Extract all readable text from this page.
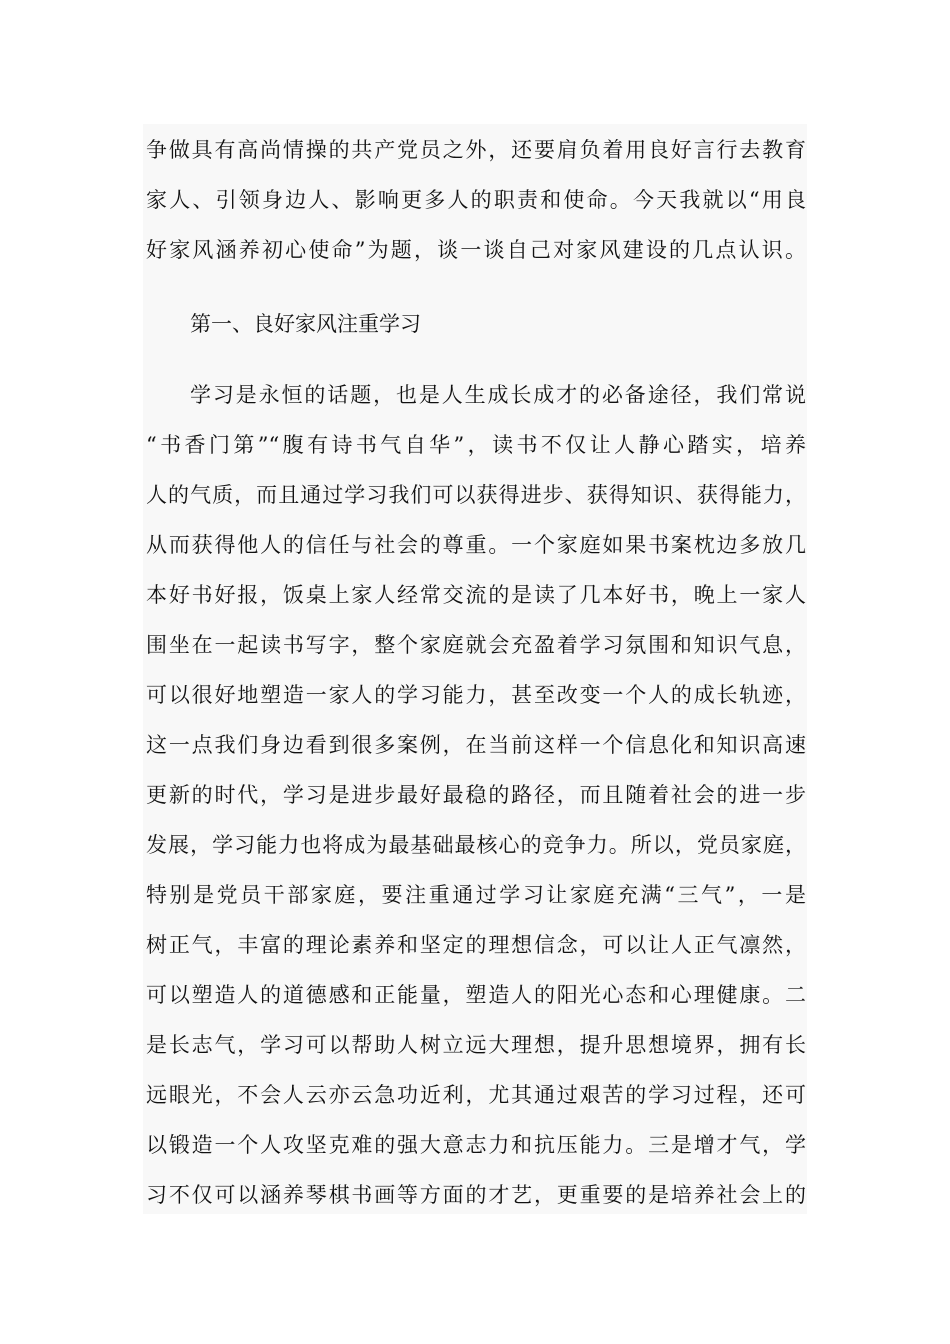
争做具有高尚情操的共产党员之外，还要肩负着用良好言行去教育
家人、引领身边人、影响更多人的职责和使命。今天我就以“用良
好家风涵养初心使命”为题，谈一谈自己对家风建设的几点认识。
第一、良好家风注重学习
学习是永恒的话题，也是人生成长成才的必备途径，我们常说
“书香门第”“腹有诗书气自华”，读书不仅让人静心踏实，培养
人的气质，而且通过学习我们可以获得进步、获得知识、获得能力，
从而获得他人的信任与社会的尊重。一个家庭如果书案枕边多放几
本好书好报，饭桌上家人经常交流的是读了几本好书，晚上一家人
围坐在一起读书写字，整个家庭就会充盈着学习氛围和知识气息，
可以很好地塑造一家人的学习能力，甚至改变一个人的成长轨迹，
这一点我们身边看到很多案例，在当前这样一个信息化和知识高速
更新的时代，学习是进步最好最稳的路径，而且随着社会的进一步
发展，学习能力也将成为最基础最核心的竞争力。所以，党员家庭，
特别是党员干部家庭，要注重通过学习让家庭充满“三气”，一是
树正气，丰富的理论素养和坚定的理想信念，可以让人正气凛然，
可以塑造人的道德感和正能量，塑造人的阳光心态和心理健康。二
是长志气，学习可以帮助人树立远大理想，提升思想境界，拥有长
远眼光，不会人云亦云急功近利，尤其通过艰苦的学习过程，还可
以锻造一个人攻坚克难的强大意志力和抗压能力。三是增才气，学
习不仅可以涵养琴棋书画等方面的才艺，更重要的是培养社会上的
